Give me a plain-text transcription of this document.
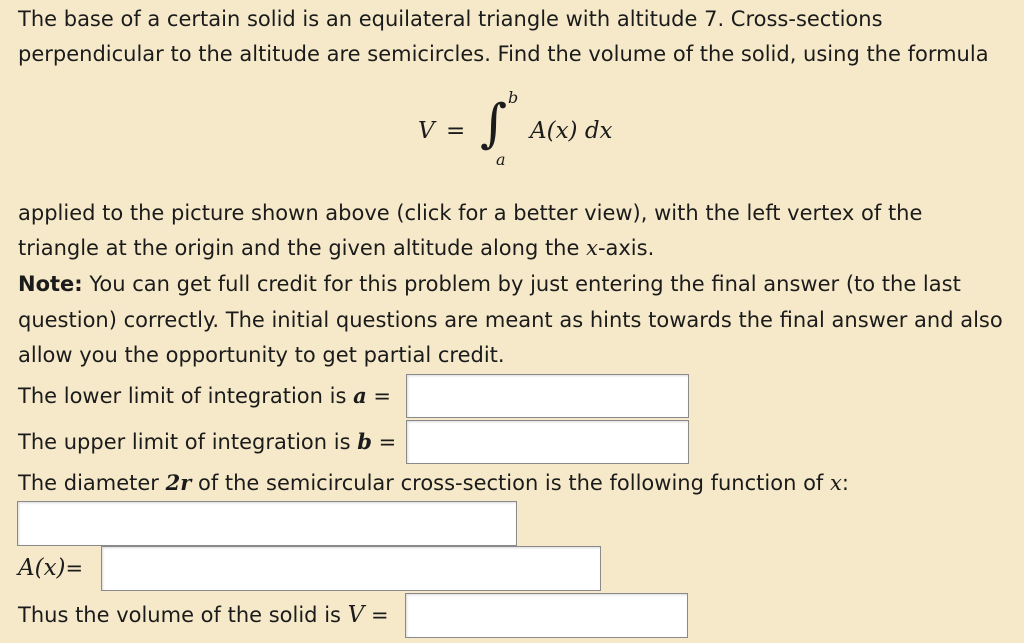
The base of a certain solid is an equilateral triangle with altitude 7. Cross-sections
perpendicular to the altitude are semicircles. Find the volume of the solid, using the formula
V = ∫ b
a
A(x) dx
applied to the picture shown above (click for a better view), with the left vertex of the
triangle at the origin and the given altitude along the x-axis.
Note: You can get full credit for this problem by just entering the final answer (to the last
question) correctly. The initial questions are meant as hints towards the final answer and also
allow you the opportunity to get partial credit.
The lower limit of integration is a =
The upper limit of integration is b =
The diameter 2r of the semicircular cross-section is the following function of x:
A(x)=
Thus the volume of the solid is V =
